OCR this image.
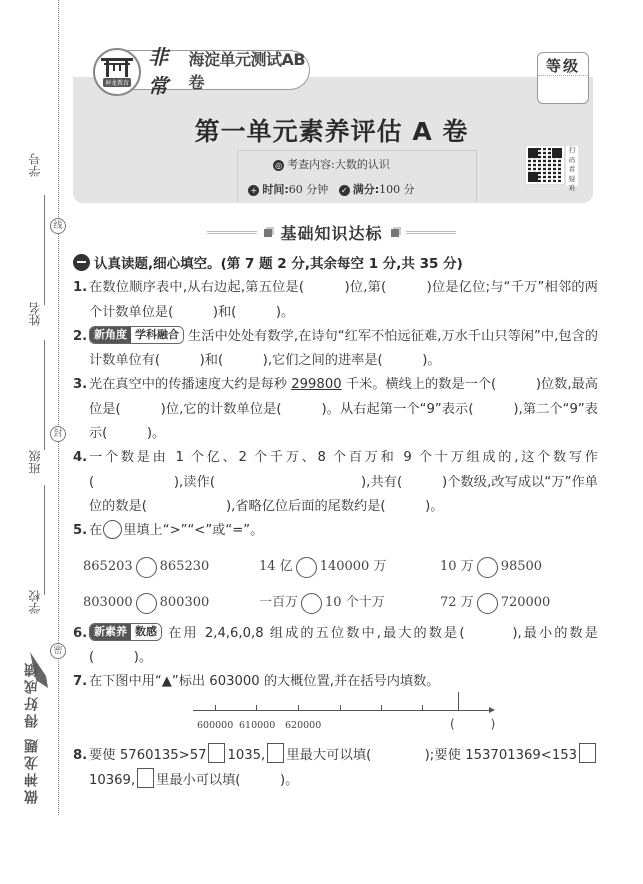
学号
线
姓名
封
班级
学校
密
做神龙题 得好成绩
非常
海淀单元测试AB卷
神龙教育
等级
第一单元素养评估 A 卷
◎ 考查内容:大数的认识
+ 时间:60 分钟 ✓ 满分:100 分
扫码看疑难
基础知识达标
认真读题,细心填空。(第 7 题 2 分,其余每空 1 分,共 35 分)
1. 在数位顺序表中,从右边起,第五位是(　　　)位,第(　　　)位是亿位;与“千万”相邻的两个计数单位是(　　　)和(　　　)。
2. 新角度 学科融合 生活中处处有数学,在诗句“红军不怕远征难,万水千山只等闲”中,包含的计数单位有(　　　)和(　　　),它们之间的进率是(　　　)。
3. 光在真空中的传播速度大约是每秒 299800 千米。横线上的数是一个(　　　)位数,最高位是(　　　)位,它的计数单位是(　　　)。从右起第一个“9”表示(　　　),第二个“9”表示(　　　)。
4. 一个数是由 1 个亿、2 个千万、8 个百万和 9 个十万组成的,这个数写作(　　　　　　),读作(　　　　　　　　　　　),共有(　　　)个数级,改写成以“万”作单位的数是(　　　　　　),省略亿位后面的尾数约是(　　　)。
5. 在 里填上“>”“<”或“=”。
865203 865230	14 亿 140000 万	10 万 98500
803000 800300	一百万 10 个十万	72 万 720000
6. 新素养 数感 在用 2,4,6,0,8 组成的五位数中,最大的数是(　　　),最小的数是(　　　)。
7. 在下图中用“▲”标出 603000 的大概位置,并在括号内填数。
600000 610000 620000	(　　　)
8. 要使 5760135>57 1035, 里最大可以填(　　　　);要使 153701369<15310369, 里最小可以填(　　　)。
